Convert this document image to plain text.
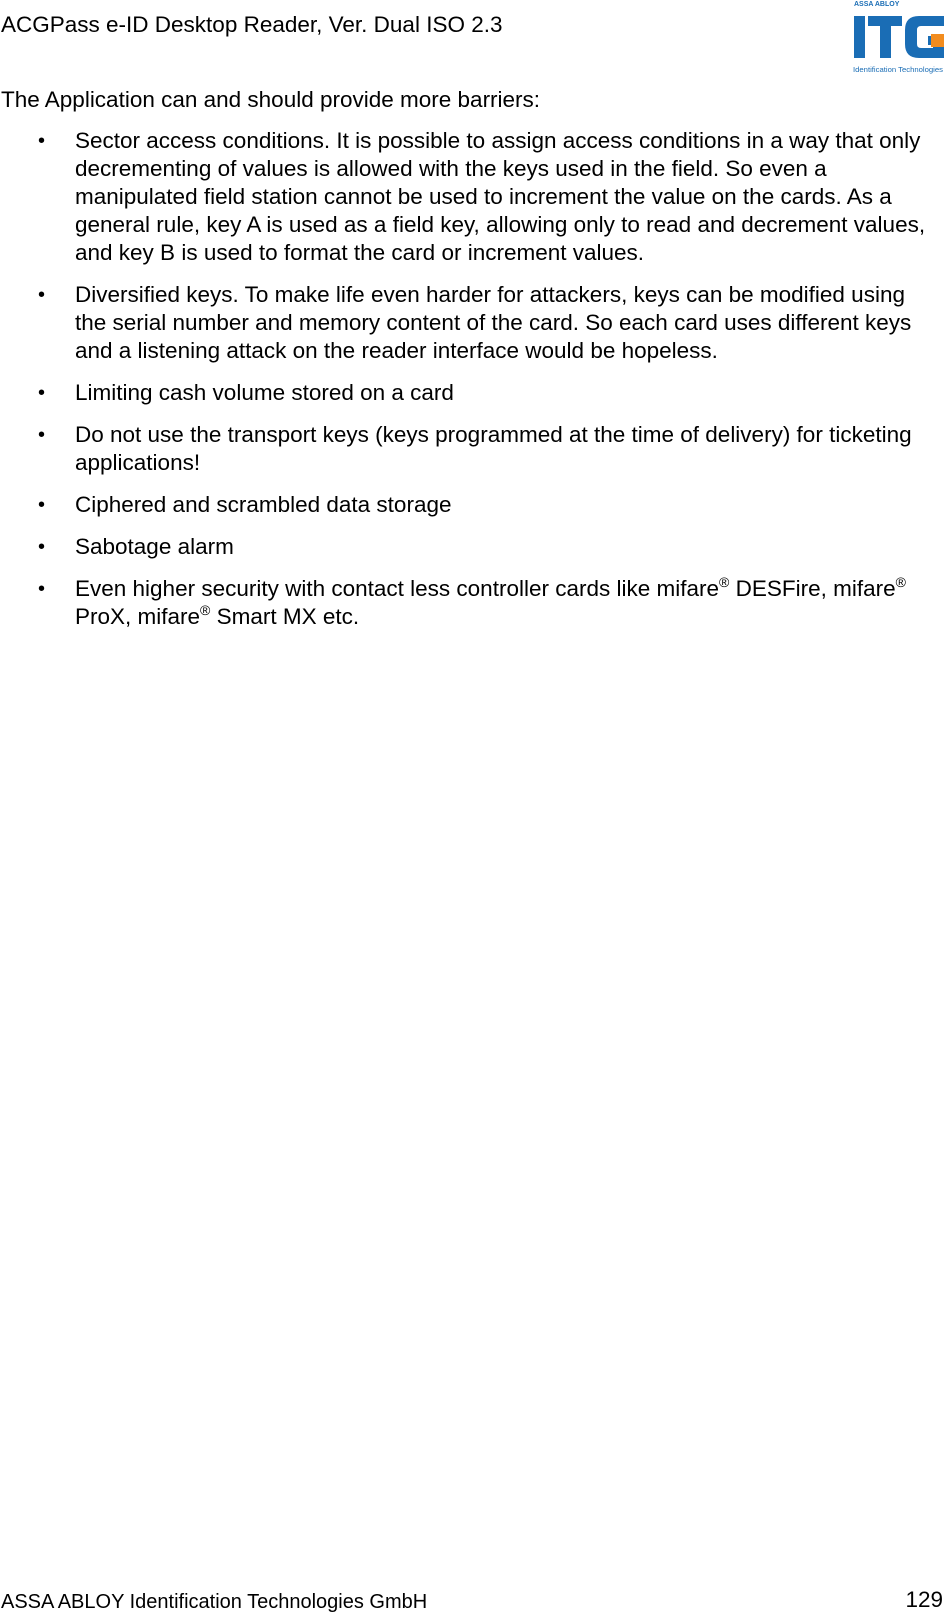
ACGPass e-ID Desktop Reader, Ver. Dual ISO 2.3
ASSA ABLOY
Identification Technologies

The Application can and should provide more barriers:

• Sector access conditions. It is possible to assign access conditions in a way that only decrementing of values is allowed with the keys used in the field. So even a manipulated field station cannot be used to increment the value on the cards. As a general rule, key A is used as a field key, allowing only to read and decrement values, and key B is used to format the card or increment values.
• Diversified keys. To make life even harder for attackers, keys can be modified using the serial number and memory content of the card. So each card uses different keys and a listening attack on the reader interface would be hopeless.
• Limiting cash volume stored on a card
• Do not use the transport keys (keys programmed at the time of delivery) for ticketing applications!
• Ciphered and scrambled data storage
• Sabotage alarm
• Even higher security with contact less controller cards like mifare® DESFire, mifare® ProX, mifare® Smart MX etc.
ASSA ABLOY Identification Technologies GmbH	129
